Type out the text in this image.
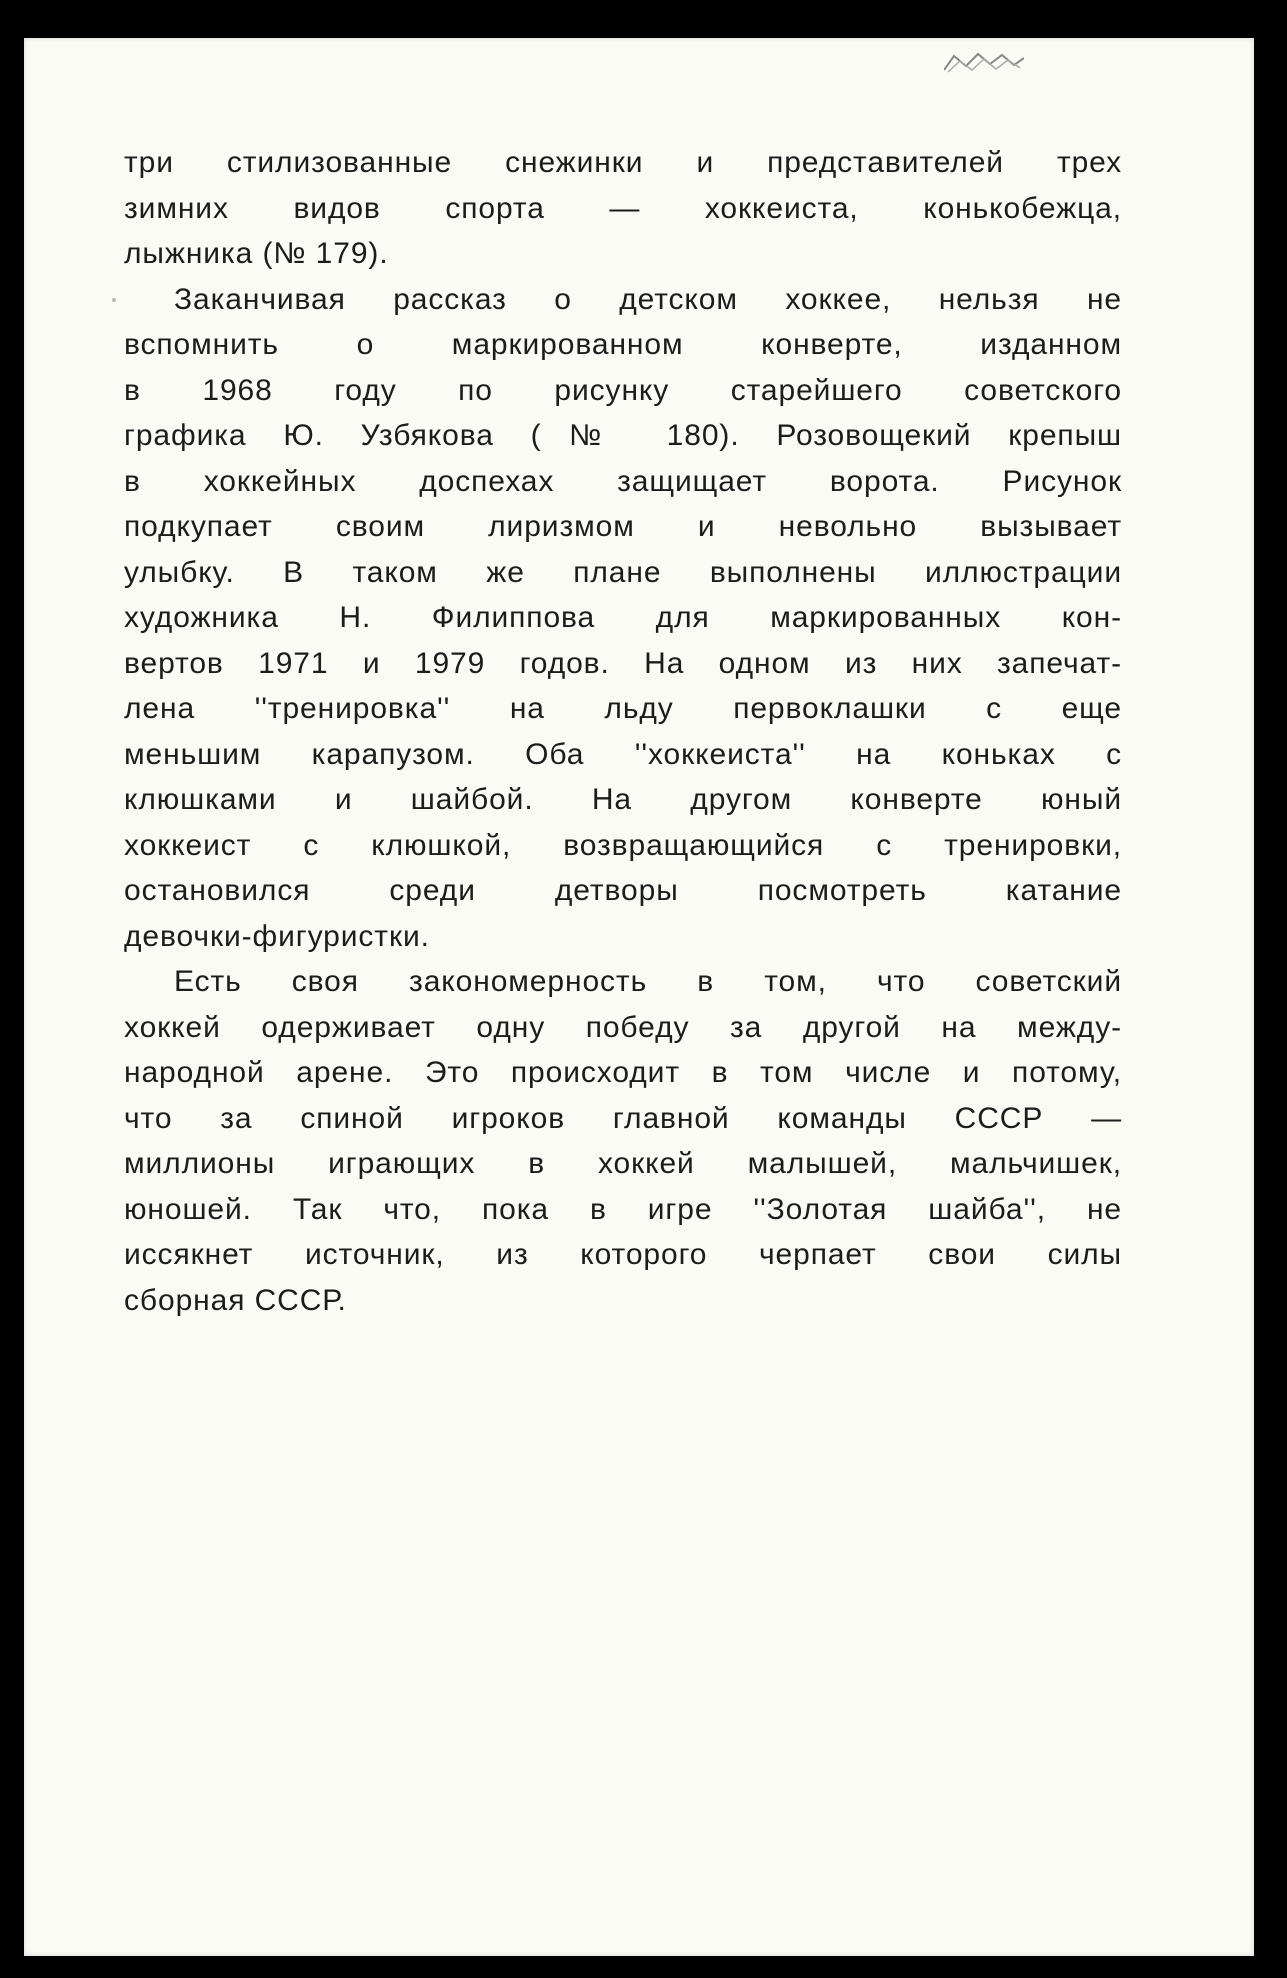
три стилизованные снежинки и представителей трех
зимних видов спорта — хоккеиста, конькобежца,
лыжника (№ 179).
Заканчивая рассказ о детском хоккее, нельзя не
вспомнить о маркированном конверте, изданном
в 1968 году по рисунку старейшего советского
графика Ю. Узбякова (№ 180). Розовощекий крепыш
в хоккейных доспехах защищает ворота. Рисунок
подкупает своим лиризмом и невольно вызывает
улыбку. В таком же плане выполнены иллюстрации
художника Н. Филиппова для маркированных кон-
вертов 1971 и 1979 годов. На одном из них запечат-
лена ''тренировка'' на льду первоклашки с еще
меньшим карапузом. Оба ''хоккеиста'' на коньках с
клюшками и шайбой. На другом конверте юный
хоккеист с клюшкой, возвращающийся с тренировки,
остановился среди детворы посмотреть катание
девочки-фигуристки.
Есть своя закономерность в том, что советский
хоккей одерживает одну победу за другой на между-
народной арене. Это происходит в том числе и потому,
что за спиной игроков главной команды СССР —
миллионы играющих в хоккей малышей, мальчишек,
юношей. Так что, пока в игре ''Золотая шайба'', не
иссякнет источник, из которого черпает свои силы
сборная СССР.
